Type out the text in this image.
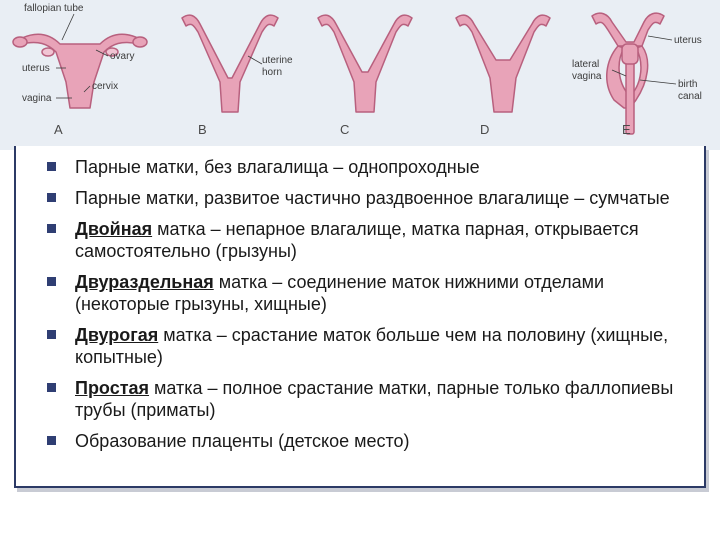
fallopian tube
ovary
uterus
cervix
vagina
uterine
horn
uterus
lateral
vagina
birth
canal
A	B	C	D	E
Парные матки, без влагалища – однопроходные
Парные матки, развитое частично раздвоенное влагалище – сумчатые
Двойная матка – непарное влагалище, матка парная, открывается самостоятельно (грызуны)
Двураздельная матка – соединение маток нижними отделами (некоторые грызуны, хищные)
Двурогая матка – срастание маток больше чем на половину (хищные, копытные)
Простая матка – полное срастание матки, парные только фаллопиевы трубы (приматы)
Образование плаценты (детское место)
